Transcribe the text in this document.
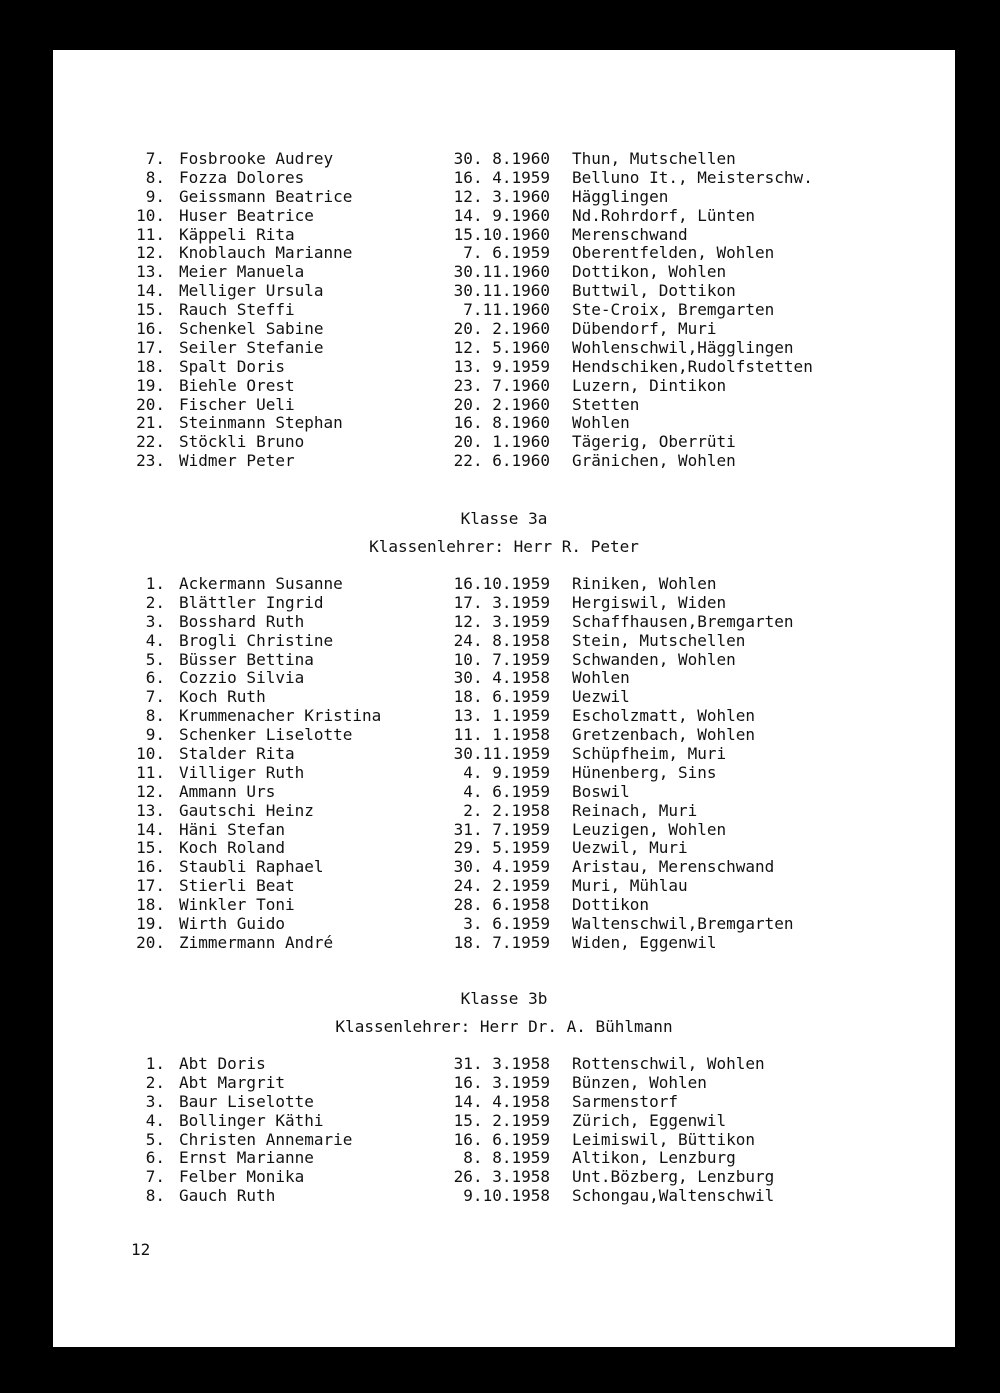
7. Fosbrooke Audrey	30. 8.1960 Thun, Mutschellen
8. Fozza Dolores	16. 4.1959 Belluno It., Meisterschw.
9. Geissmann Beatrice	12. 3.1960 Hägglingen
10. Huser Beatrice	14. 9.1960 Nd.Rohrdorf, Lünten
11. Käppeli Rita	15.10.1960 Merenschwand
12. Knoblauch Marianne	7. 6.1959 Oberentfelden, Wohlen
13. Meier Manuela	30.11.1960 Dottikon, Wohlen
14. Melliger Ursula	30.11.1960 Buttwil, Dottikon
15. Rauch Steffi	7.11.1960 Ste-Croix, Bremgarten
16. Schenkel Sabine	20. 2.1960 Dübendorf, Muri
17. Seiler Stefanie	12. 5.1960 Wohlenschwil,Hägglingen
18. Spalt Doris	13. 9.1959 Hendschiken,Rudolfstetten
19. Biehle Orest	23. 7.1960 Luzern, Dintikon
20. Fischer Ueli	20. 2.1960 Stetten
21. Steinmann Stephan	16. 8.1960 Wohlen
22. Stöckli Bruno	20. 1.1960 Tägerig, Oberrüti
23. Widmer Peter	22. 6.1960 Gränichen, Wohlen
Klasse 3a
Klassenlehrer: Herr R. Peter
1. Ackermann Susanne	16.10.1959 Riniken, Wohlen
2. Blättler Ingrid	17. 3.1959 Hergiswil, Widen
3. Bosshard Ruth	12. 3.1959 Schaffhausen,Bremgarten
4. Brogli Christine	24. 8.1958 Stein, Mutschellen
5. Büsser Bettina	10. 7.1959 Schwanden, Wohlen
6. Cozzio Silvia	30. 4.1958 Wohlen
7. Koch Ruth	18. 6.1959 Uezwil
8. Krummenacher Kristina	13. 1.1959 Escholzmatt, Wohlen
9. Schenker Liselotte	11. 1.1958 Gretzenbach, Wohlen
10. Stalder Rita	30.11.1959 Schüpfheim, Muri
11. Villiger Ruth	4. 9.1959 Hünenberg, Sins
12. Ammann Urs	4. 6.1959 Boswil
13. Gautschi Heinz	2. 2.1958 Reinach, Muri
14. Häni Stefan	31. 7.1959 Leuzigen, Wohlen
15. Koch Roland	29. 5.1959 Uezwil, Muri
16. Staubli Raphael	30. 4.1959 Aristau, Merenschwand
17. Stierli Beat	24. 2.1959 Muri, Mühlau
18. Winkler Toni	28. 6.1958 Dottikon
19. Wirth Guido	3. 6.1959 Waltenschwil,Bremgarten
20. Zimmermann André	18. 7.1959 Widen, Eggenwil
Klasse 3b
Klassenlehrer: Herr Dr. A. Bühlmann
1. Abt Doris	31. 3.1958 Rottenschwil, Wohlen
2. Abt Margrit	16. 3.1959 Bünzen, Wohlen
3. Baur Liselotte	14. 4.1958 Sarmenstorf
4. Bollinger Käthi	15. 2.1959 Zürich, Eggenwil
5. Christen Annemarie	16. 6.1959 Leimiswil, Büttikon
6. Ernst Marianne	8. 8.1959 Altikon, Lenzburg
7. Felber Monika	26. 3.1958 Unt.Bözberg, Lenzburg
8. Gauch Ruth	9.10.1958 Schongau,Waltenschwil
12
